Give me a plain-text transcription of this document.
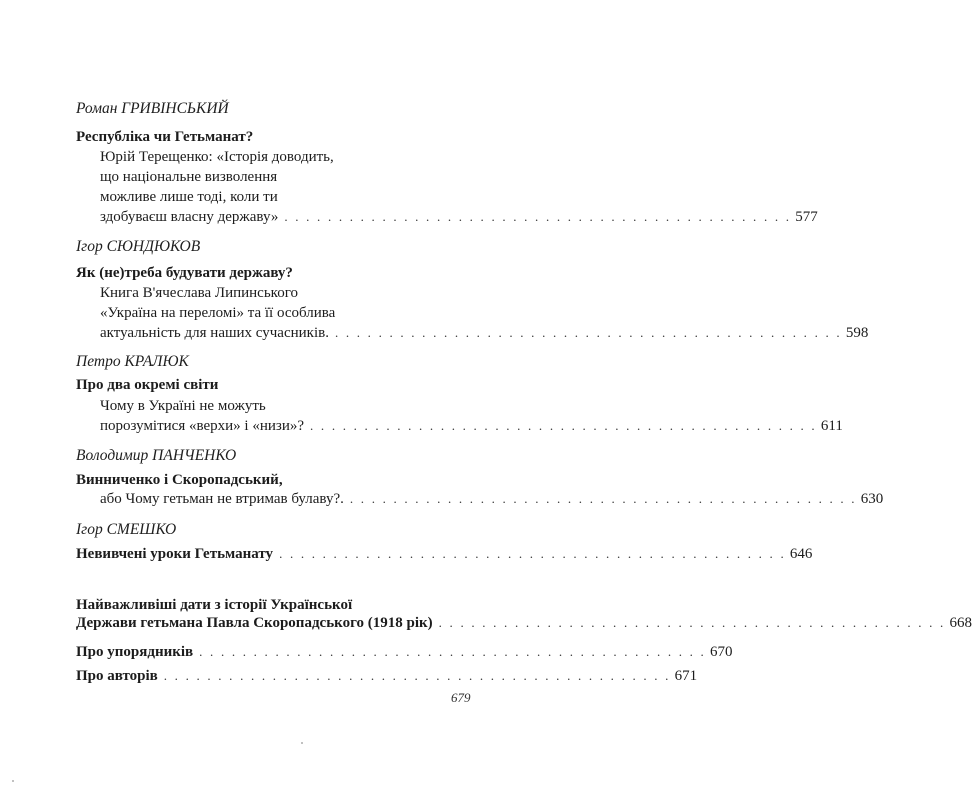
Роман ГРИВІНСЬКИЙ
Республіка чи Гетьманат?
Юрій Терещенко: «Історія доводить,
що національне визволення
можливе лише тоді, коли ти
здобуваєш власну державу» . . . . . . . . . . . . . . . . . . . . . . . . . . . . . . . . . . . . . . . . . . . . . . . 577
Ігор СЮНДЮКОВ
Як (не)треба будувати державу?
Книга В'ячеслава Липинського
«Україна на переломі» та її особлива
актуальність для наших сучасників. . . . . . . . . . . . . . . . . . . . . . . . . . . . . . . . . . . . . . . . . . . . . . . . 598
Петро КРАЛЮК
Про два окремі світи
Чому в Україні не можуть
порозумітися «верхи» і «низи»? . . . . . . . . . . . . . . . . . . . . . . . . . . . . . . . . . . . . . . . . . . . . . . . 611
Володимир ПАНЧЕНКО
Винниченко і Скоропадський,
або Чому гетьман не втримав булаву?. . . . . . . . . . . . . . . . . . . . . . . . . . . . . . . . . . . . . . . . . . . . . . . . 630
Ігор СМЕШКО
Невивчені уроки Гетьманату . . . . . . . . . . . . . . . . . . . . . . . . . . . . . . . . . . . . . . . . . . . . . . . 646
Найважливіші дати з історії Української
Держави гетьмана Павла Скоропадського (1918 рік) . . . . . . . . . . . . . . . . . . . . . . . . . . . . . . . . . . . . . . . . . . . . . . . 668
Про упорядників . . . . . . . . . . . . . . . . . . . . . . . . . . . . . . . . . . . . . . . . . . . . . . . 670
Про авторів . . . . . . . . . . . . . . . . . . . . . . . . . . . . . . . . . . . . . . . . . . . . . . . 671
679
